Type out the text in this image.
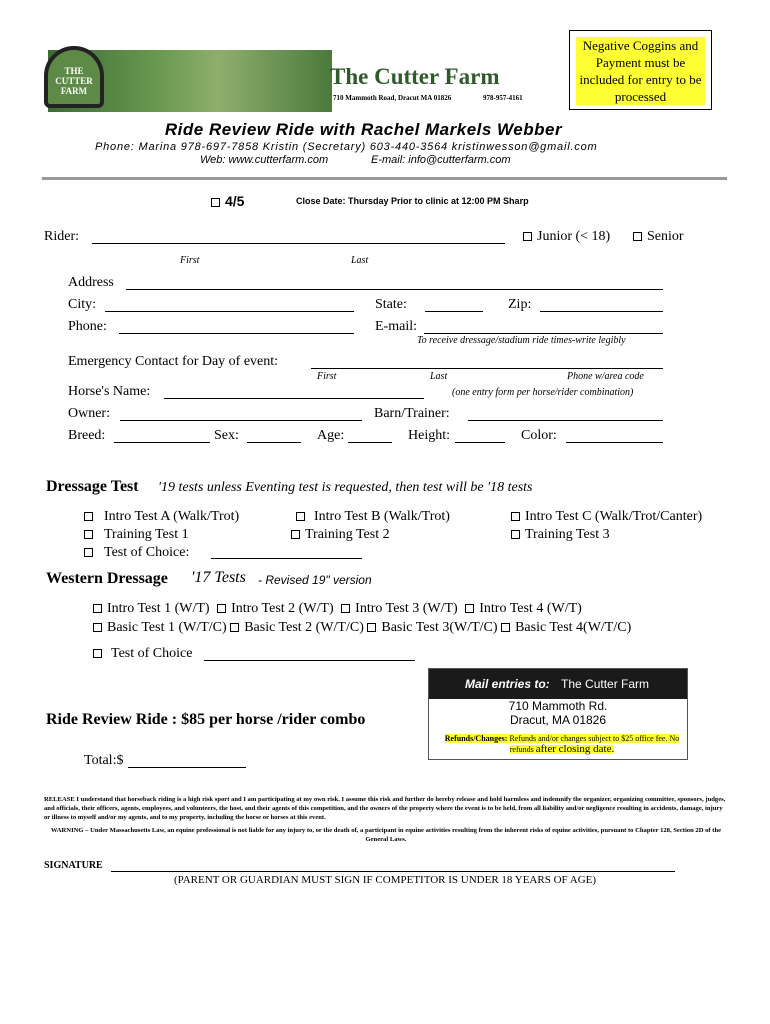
THE CUTTER FARM
The Cutter Farm
710 Mammoth Road, Dracut MA 01826	978-957-4161
Negative Coggins and Payment must be included for entry to be processed
Ride Review Ride with Rachel Markels Webber
Phone: Marina 978-697-7858 Kristin (Secretary) 603-440-3564 kristinwesson@gmail.com
Web: www.cutterfarm.com	E-mail: info@cutterfarm.com
4/5	Close Date: Thursday Prior to clinic at 12:00 PM Sharp
Rider:	Junior (< 18)	Senior
First	Last
Address
City:	State:	Zip:
Phone:	E-mail:
To receive dressage/stadium ride times-write legibly
Emergency Contact for Day of event:
First	Last	Phone w/area code
Horse's Name:	(one entry form per horse/rider combination)
Owner:	Barn/Trainer:
Breed:	Sex:	Age:	Height:	Color:
Dressage Test '19 tests unless Eventing test is requested, then test will be '18 tests
Intro Test A (Walk/Trot)	Intro Test B (Walk/Trot)	Intro Test C (Walk/Trot/Canter)
Training Test 1	Training Test 2	Training Test 3
Test of Choice:
Western Dressage '17 Tests - Revised 19" version
Intro Test 1 (W/T) Intro Test 2 (W/T) Intro Test 3 (W/T) Intro Test 4 (W/T)
Basic Test 1 (W/T/C) Basic Test 2 (W/T/C) Basic Test 3(W/T/C) Basic Test 4(W/T/C)
Test of Choice
Mail entries to: The Cutter Farm
710 Mammoth Rd.
Dracut, MA 01826
Refunds/Changes: Refunds and/or changes subject to $25 office fee. No refunds after closing date.
Ride Review Ride : $85 per horse /rider combo
Total:$
RELEASE I understand that horseback riding is a high risk sport and I am participating at my own risk. I assume this risk and further do hereby release and hold harmless and indemnify the organizer, organizing committee, sponsors, judges, and officials, their officers, agents, employees, and volunteers, the host, and their agents of this competition, and the owners of the property where the event is to be held, from all liability and/or negligence resulting in accidents, damage, injury or illness to myself and/or my agents, and to my property, including the horse or horses at this event.
WARNING – Under Massachusetts Law, an equine professional is not liable for any injury to, or the death of, a participant in equine activities resulting from the inherent risks of equine activities, pursuant to Chapter 128, Section 2D of the General Laws.
SIGNATURE
(PARENT OR GUARDIAN MUST SIGN IF COMPETITOR IS UNDER 18 YEARS OF AGE)
